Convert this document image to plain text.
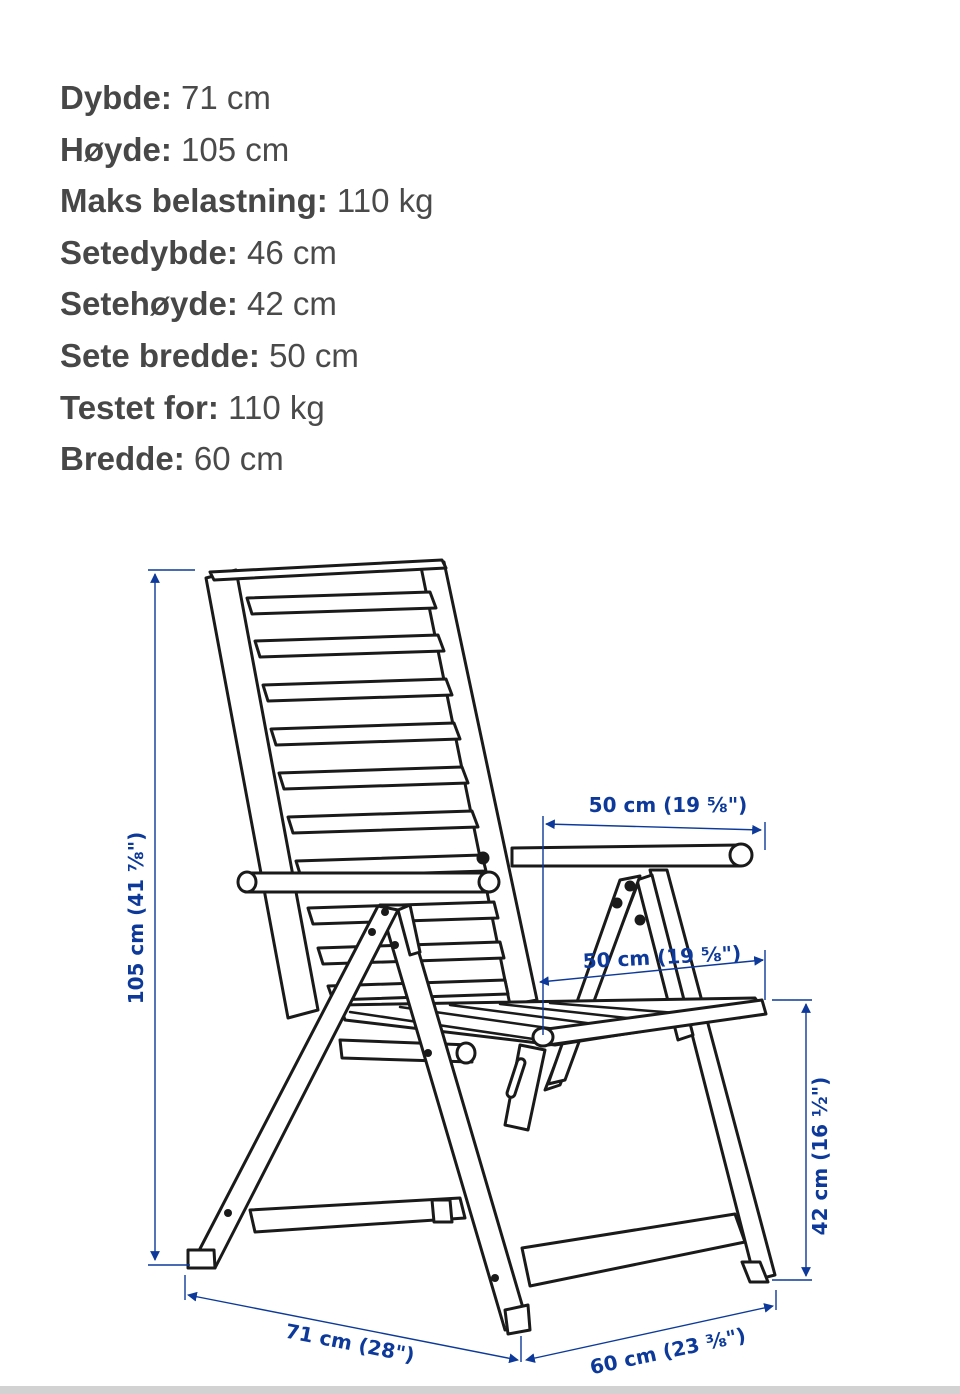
Dybde: 71 cm
Høyde: 105 cm
Maks belastning: 110 kg
Setedybde: 46 cm
Setehøyde: 42 cm
Sete bredde: 50 cm
Testet for: 110 kg
Bredde: 60 cm
105 cm (41 ⅞")
50 cm (19 ⅝")
50 cm (19 ⅝")
42 cm (16 ½")
71 cm (28")	60 cm (23 ⅜")
